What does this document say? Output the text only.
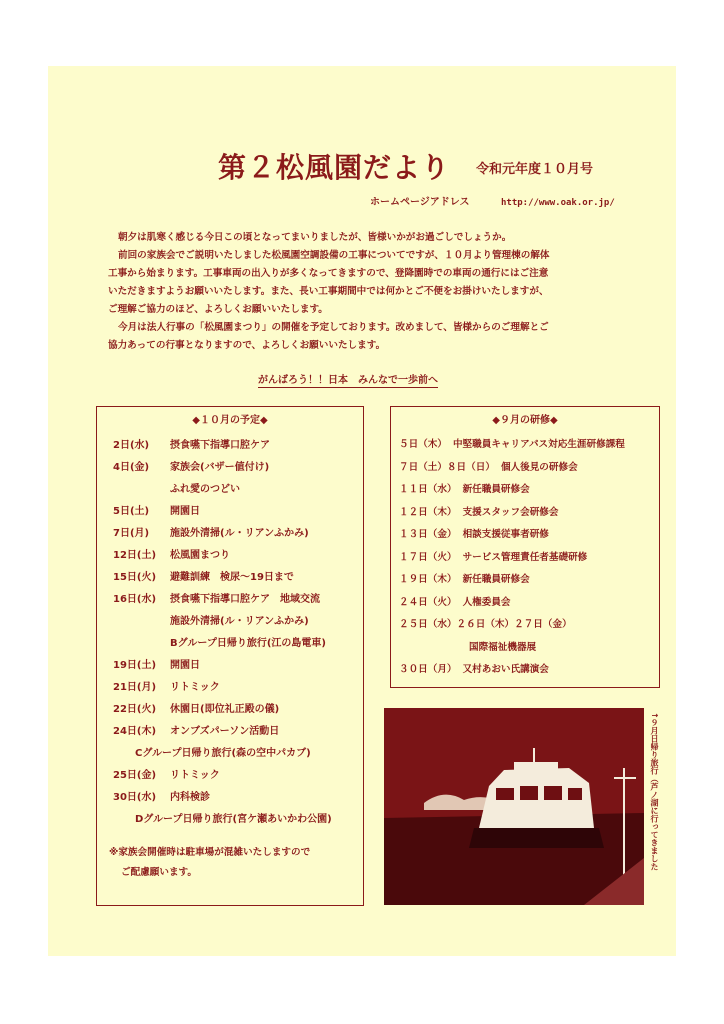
第２松風園だより 令和元年度１０月号
ホームページアドレス	http://www.oak.or.jp/

朝夕は肌寒く感じる今日この頃となってまいりましたが、皆様いかがお過ごしでしょうか。

前回の家族会でご説明いたしました松風園空調設備の工事についてですが、１０月より管理棟の解体

工事から始まります。工事車両の出入りが多くなってきますので、登降園時での車両の通行にはご注意

いただきますようお願いいたします。また、長い工事期間中では何かとご不便をお掛けいたしますが、

ご理解ご協力のほど、よろしくお願いいたします。

今月は法人行事の「松風園まつり」の開催を予定しております。改めまして、皆様からのご理解とご

協力あっての行事となりますので、よろしくお願いいたします。

がんばろう！！日本　みんなで一歩前へ
◆１０月の予定◆
2日(水)	摂食嚥下指導口腔ケア
4日(金)	家族会(バザー値付け)
ふれ愛のつどい
5日(土)	開園日
7日(月)	施設外清掃(ル・リアンふかみ)
12日(土)	松風園まつり
15日(火)	避難訓練　検尿～19日まで
16日(水)	摂食嚥下指導口腔ケア　地域交流
施設外清掃(ル・リアンふかみ)
Bグループ日帰り旅行(江の島電車)
19日(土)	開園日
21日(月)	リトミック
22日(火)	休園日(即位礼正殿の儀)
24日(木)	オンブズパーソン活動日
Cグループ日帰り旅行(森の空中パカブ)
25日(金)	リトミック
30日(水)	内科検診
Dグループ日帰り旅行(宮ケ瀬あいかわ公園)

※家族会開催時は駐車場が混雑いたしますので

ご配慮願います。

◆９月の研修◆
５日（木） 中堅職員キャリアパス対応生涯研修課程
７日（土）８日（日） 個人後見の研修会
１１日（水） 新任職員研修会
１２日（木） 支援スタッフ会研修会
１３日（金） 相談支援従事者研修
１７日（火） サービス管理責任者基礎研修
１９日（木） 新任職員研修会
２４日（火） 人権委員会
２５日（水）２６日（木）２７日（金）
国際福祉機器展
３０日（月） 又村あおい氏講演会
↑９月日帰り旅行（芦ノ湖に行ってきました
